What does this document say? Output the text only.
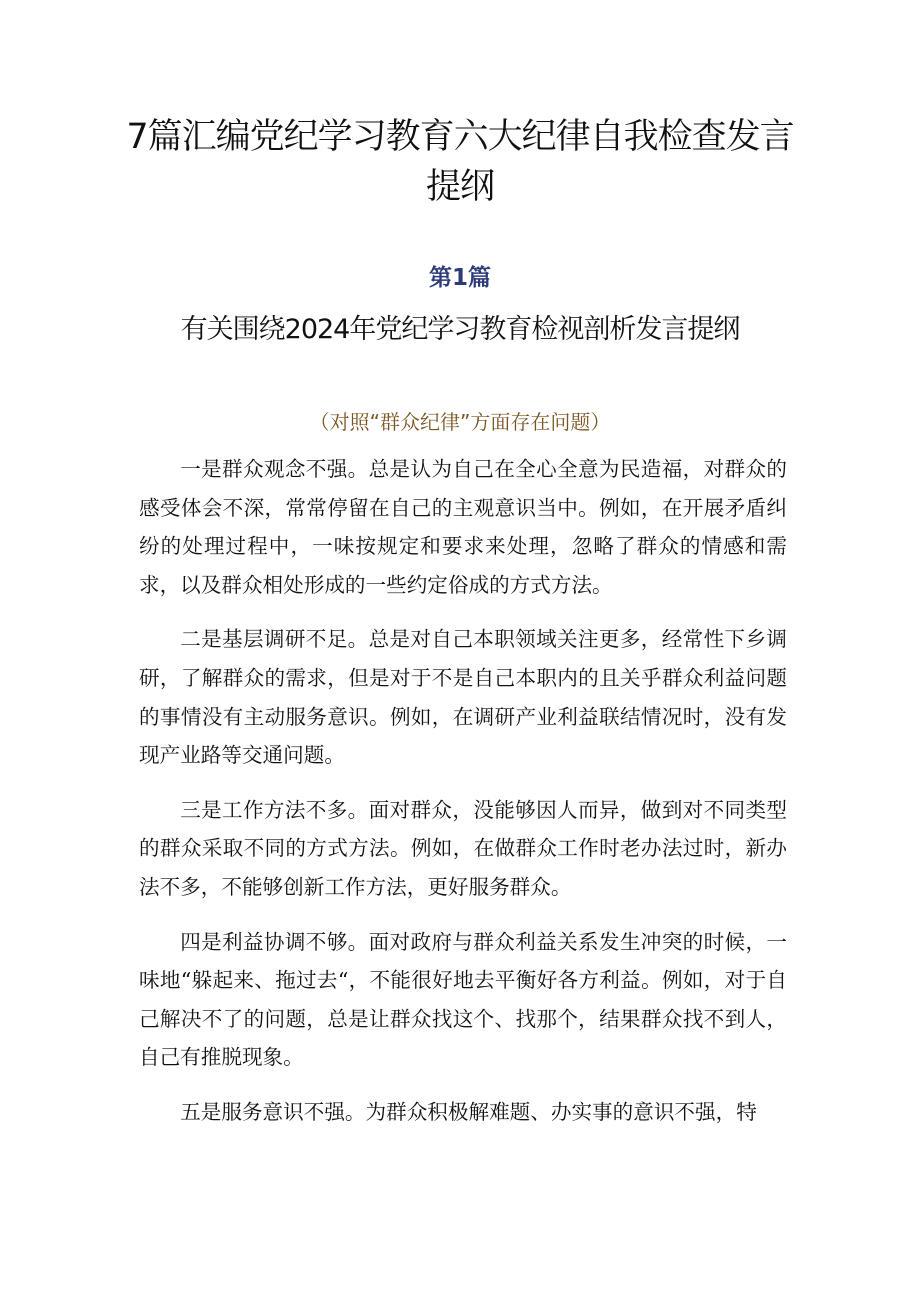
7篇汇编党纪学习教育六大纪律自我检查发言提纲
第1篇
有关围绕2024年党纪学习教育检视剖析发言提纲
（对照“群众纪律”方面存在问题）

一是群众观念不强。总是认为自己在全心全意为民造福，对群众的感受体会不深，常常停留在自己的主观意识当中。例如，在开展矛盾纠纷的处理过程中，一味按规定和要求来处理，忽略了群众的情感和需求，以及群众相处形成的一些约定俗成的方式方法。

二是基层调研不足。总是对自己本职领域关注更多，经常性下乡调研，了解群众的需求，但是对于不是自己本职内的且关乎群众利益问题的事情没有主动服务意识。例如，在调研产业利益联结情况时，没有发现产业路等交通问题。

三是工作方法不多。面对群众，没能够因人而异，做到对不同类型的群众采取不同的方式方法。例如，在做群众工作时老办法过时，新办法不多，不能够创新工作方法，更好服务群众。

四是利益协调不够。面对政府与群众利益关系发生冲突的时候，一味地“躲起来、拖过去“，不能很好地去平衡好各方利益。例如，对于自己解决不了的问题，总是让群众找这个、找那个，结果群众找不到人，自己有推脱现象。

五是服务意识不强。为群众积极解难题、办实事的意识不强，特
